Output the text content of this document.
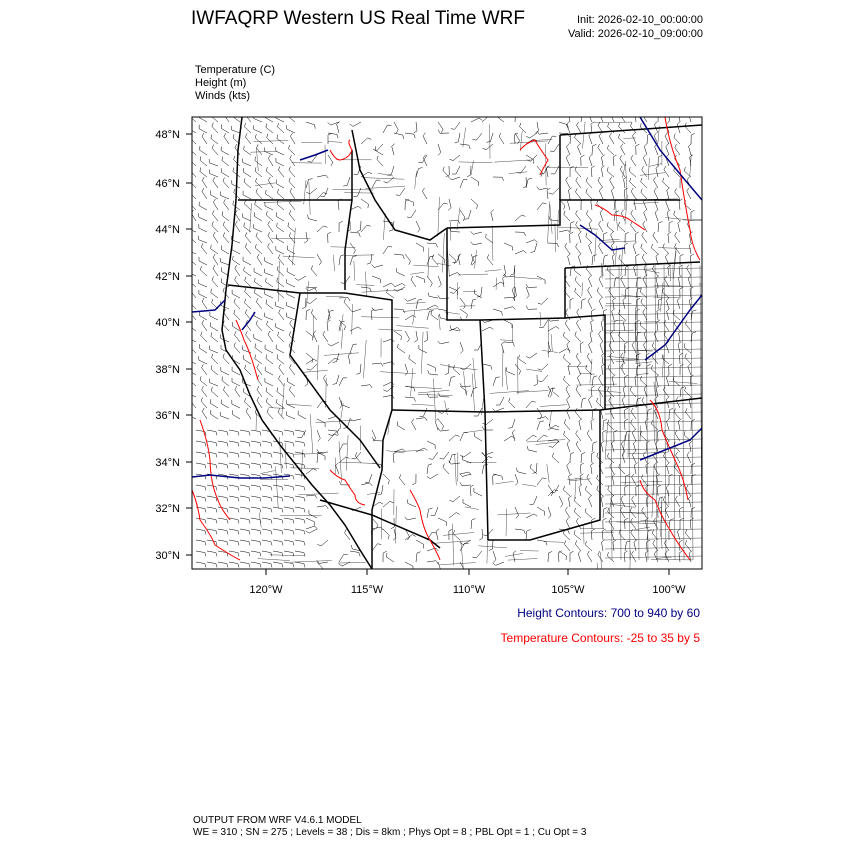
IWFAQRP Western US Real Time WRF	Init: 2026-02-10_00:00:00
Valid: 2026-02-10_09:00:00
Temperature (C)
Height (m)
Winds (kts)
48°N
46°N
44°N
42°N
40°N
38°N
36°N
34°N
32°N
30°N
120°W	115°W	110°W	105°W	100°W
Height Contours: 700 to 940 by 60
Temperature Contours: -25 to 35 by 5
OUTPUT FROM WRF V4.6.1 MODEL
WE = 310 ; SN = 275 ; Levels = 38 ; Dis = 8km ; Phys Opt = 8 ; PBL Opt = 1 ; Cu Opt = 3
